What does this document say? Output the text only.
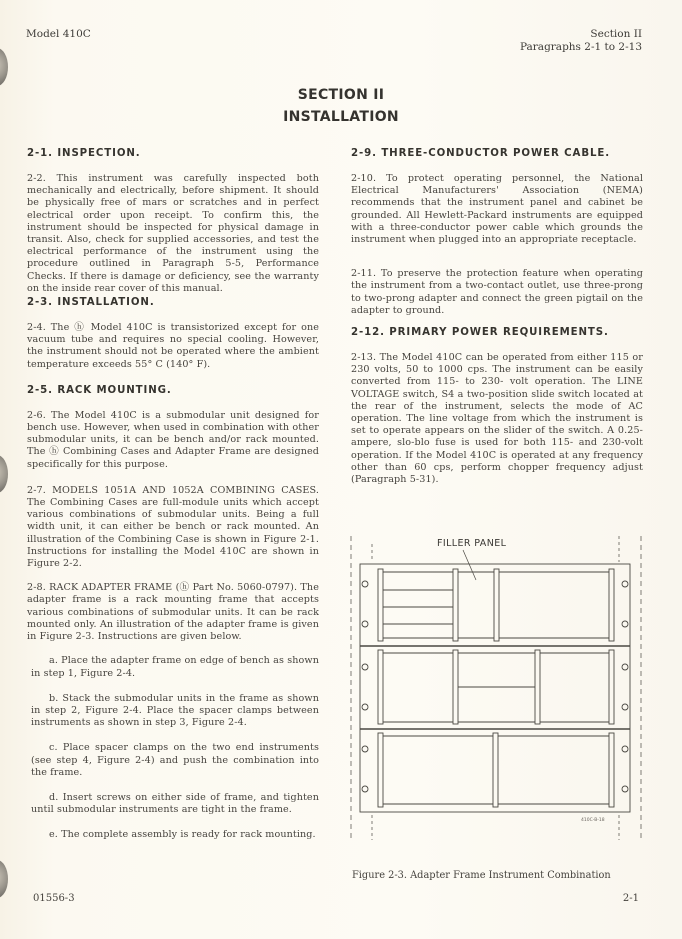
Model 410C	Section II
Paragraphs 2-1 to 2-13
SECTION II
INSTALLATION

2-1. INSPECTION.

2-2. This instrument was carefully inspected both mechanically and electrically, before shipment. It should be physically free of mars or scratches and in perfect electrical order upon receipt. To confirm this, the instrument should be inspected for physical damage in transit. Also, check for supplied accessories, and test the electrical performance of the instrument using the procedure outlined in Paragraph 5-5, Performance Checks. If there is damage or deficiency, see the warranty on the inside rear cover of this manual.

2-3. INSTALLATION.

2-4. The ⓗ Model 410C is transistorized except for one vacuum tube and requires no special cooling. However, the instrument should not be operated where the ambient temperature exceeds 55° C (140° F).

2-5. RACK MOUNTING.

2-6. The Model 410C is a submodular unit designed for bench use. However, when used in combination with other submodular units, it can be bench and/or rack mounted. The ⓗ Combining Cases and Adapter Frame are designed specifically for this purpose.

2-7. MODELS 1051A AND 1052A COMBINING CASES. The Combining Cases are full-module units which accept various combinations of submodular units. Being a full width unit, it can either be bench or rack mounted. An illustration of the Combining Case is shown in Figure 2-1. Instructions for installing the Model 410C are shown in Figure 2-2.

2-8. RACK ADAPTER FRAME (ⓗ Part No. 5060-0797). The adapter frame is a rack mounting frame that accepts various combinations of submodular units. It can be rack mounted only. An illustration of the adapter frame is given in Figure 2-3. Instructions are given below.

a. Place the adapter frame on edge of bench as shown in step 1, Figure 2-4.

b. Stack the submodular units in the frame as shown in step 2, Figure 2-4. Place the spacer clamps between instruments as shown in step 3, Figure 2-4.

c. Place spacer clamps on the two end instruments (see step 4, Figure 2-4) and push the combination into the frame.

d. Insert screws on either side of frame, and tighten until submodular instruments are tight in the frame.

e. The complete assembly is ready for rack mounting.

2-9. THREE-CONDUCTOR POWER CABLE.

2-10. To protect operating personnel, the National Electrical Manufacturers' Association (NEMA) recommends that the instrument panel and cabinet be grounded. All Hewlett-Packard instruments are equipped with a three-conductor power cable which grounds the instrument when plugged into an appropriate receptacle.

2-11. To preserve the protection feature when operating the instrument from a two-contact outlet, use three-prong to two-prong adapter and connect the green pigtail on the adapter to ground.

2-12. PRIMARY POWER REQUIREMENTS.

2-13. The Model 410C can be operated from either 115 or 230 volts, 50 to 1000 cps. The instrument can be easily converted from 115- to 230- volt operation. The LINE VOLTAGE switch, S4 a two-position slide switch located at the rear of the instrument, selects the mode of AC operation. The line voltage from which the instrument is set to operate appears on the slider of the switch. A 0.25-ampere, slo-blo fuse is used for both 115- and 230-volt operation. If the Model 410C is operated at any frequency other than 60 cps, perform chopper frequency adjust (Paragraph 5-31).

FILLER PANEL
410C-B-18
Figure 2-3. Adapter Frame Instrument Combination
01556-3	2-1
